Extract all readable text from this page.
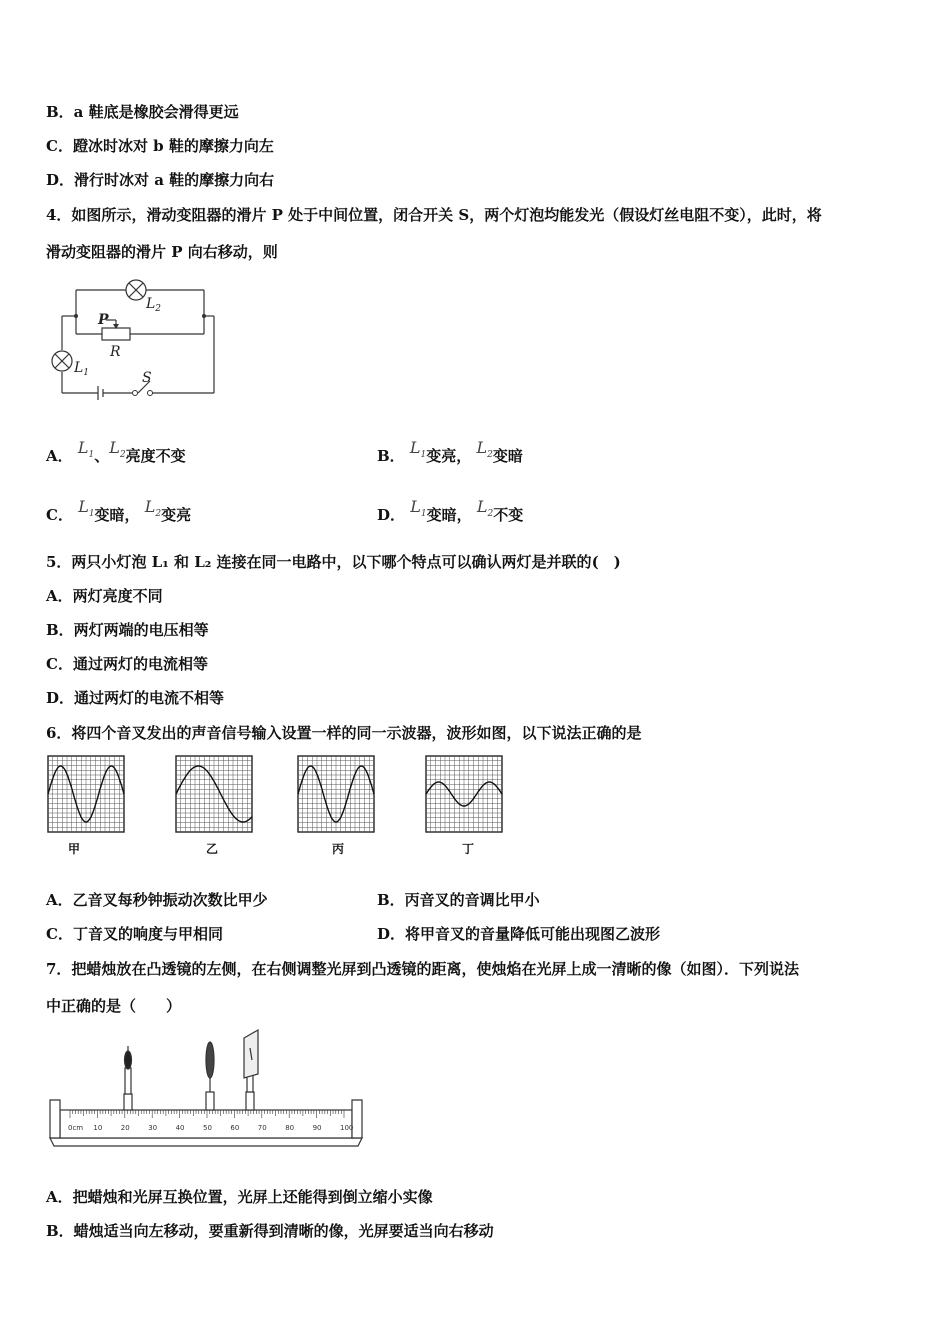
B．a 鞋底是橡胶会滑得更远
C．蹬冰时冰对 b 鞋的摩擦力向左
D．滑行时冰对 a 鞋的摩擦力向右
4．如图所示，滑动变阻器的滑片 P 处于中间位置，闭合开关 S，两个灯泡均能发光（假设灯丝电阻不变），此时，将
滑动变阻器的滑片 P 向右移动，则
$L_2$
$L_1$
P
R
S
A． $L_1$、$L_2$亮度不变	B． $L_1$变亮， $L_2$变暗
C． $L_1$变暗， $L_2$变亮	D． $L_1$变暗， $L_2$不变
5．两只小灯泡 L₁ 和 L₂ 连接在同一电路中，以下哪个特点可以确认两灯是并联的(　)
A．两灯亮度不同
B．两灯两端的电压相等
C．通过两灯的电流相等
D．通过两灯的电流不相等
6．将四个音叉发出的声音信号输入设置一样的同一示波器，波形如图，以下说法正确的是
甲	乙	丙	丁
A．乙音叉每秒钟振动次数比甲少	B．丙音叉的音调比甲小
C．丁音叉的响度与甲相同	D．将甲音叉的音量降低可能出现图乙波形
7．把蜡烛放在凸透镜的左侧，在右侧调整光屏到凸透镜的距离，使烛焰在光屏上成一清晰的像（如图）．下列说法
中正确的是（　　）
0cm 10	20	30	40	50	60	70	80	90	100
A．把蜡烛和光屏互换位置，光屏上还能得到倒立缩小实像
B．蜡烛适当向左移动，要重新得到清晰的像，光屏要适当向右移动
